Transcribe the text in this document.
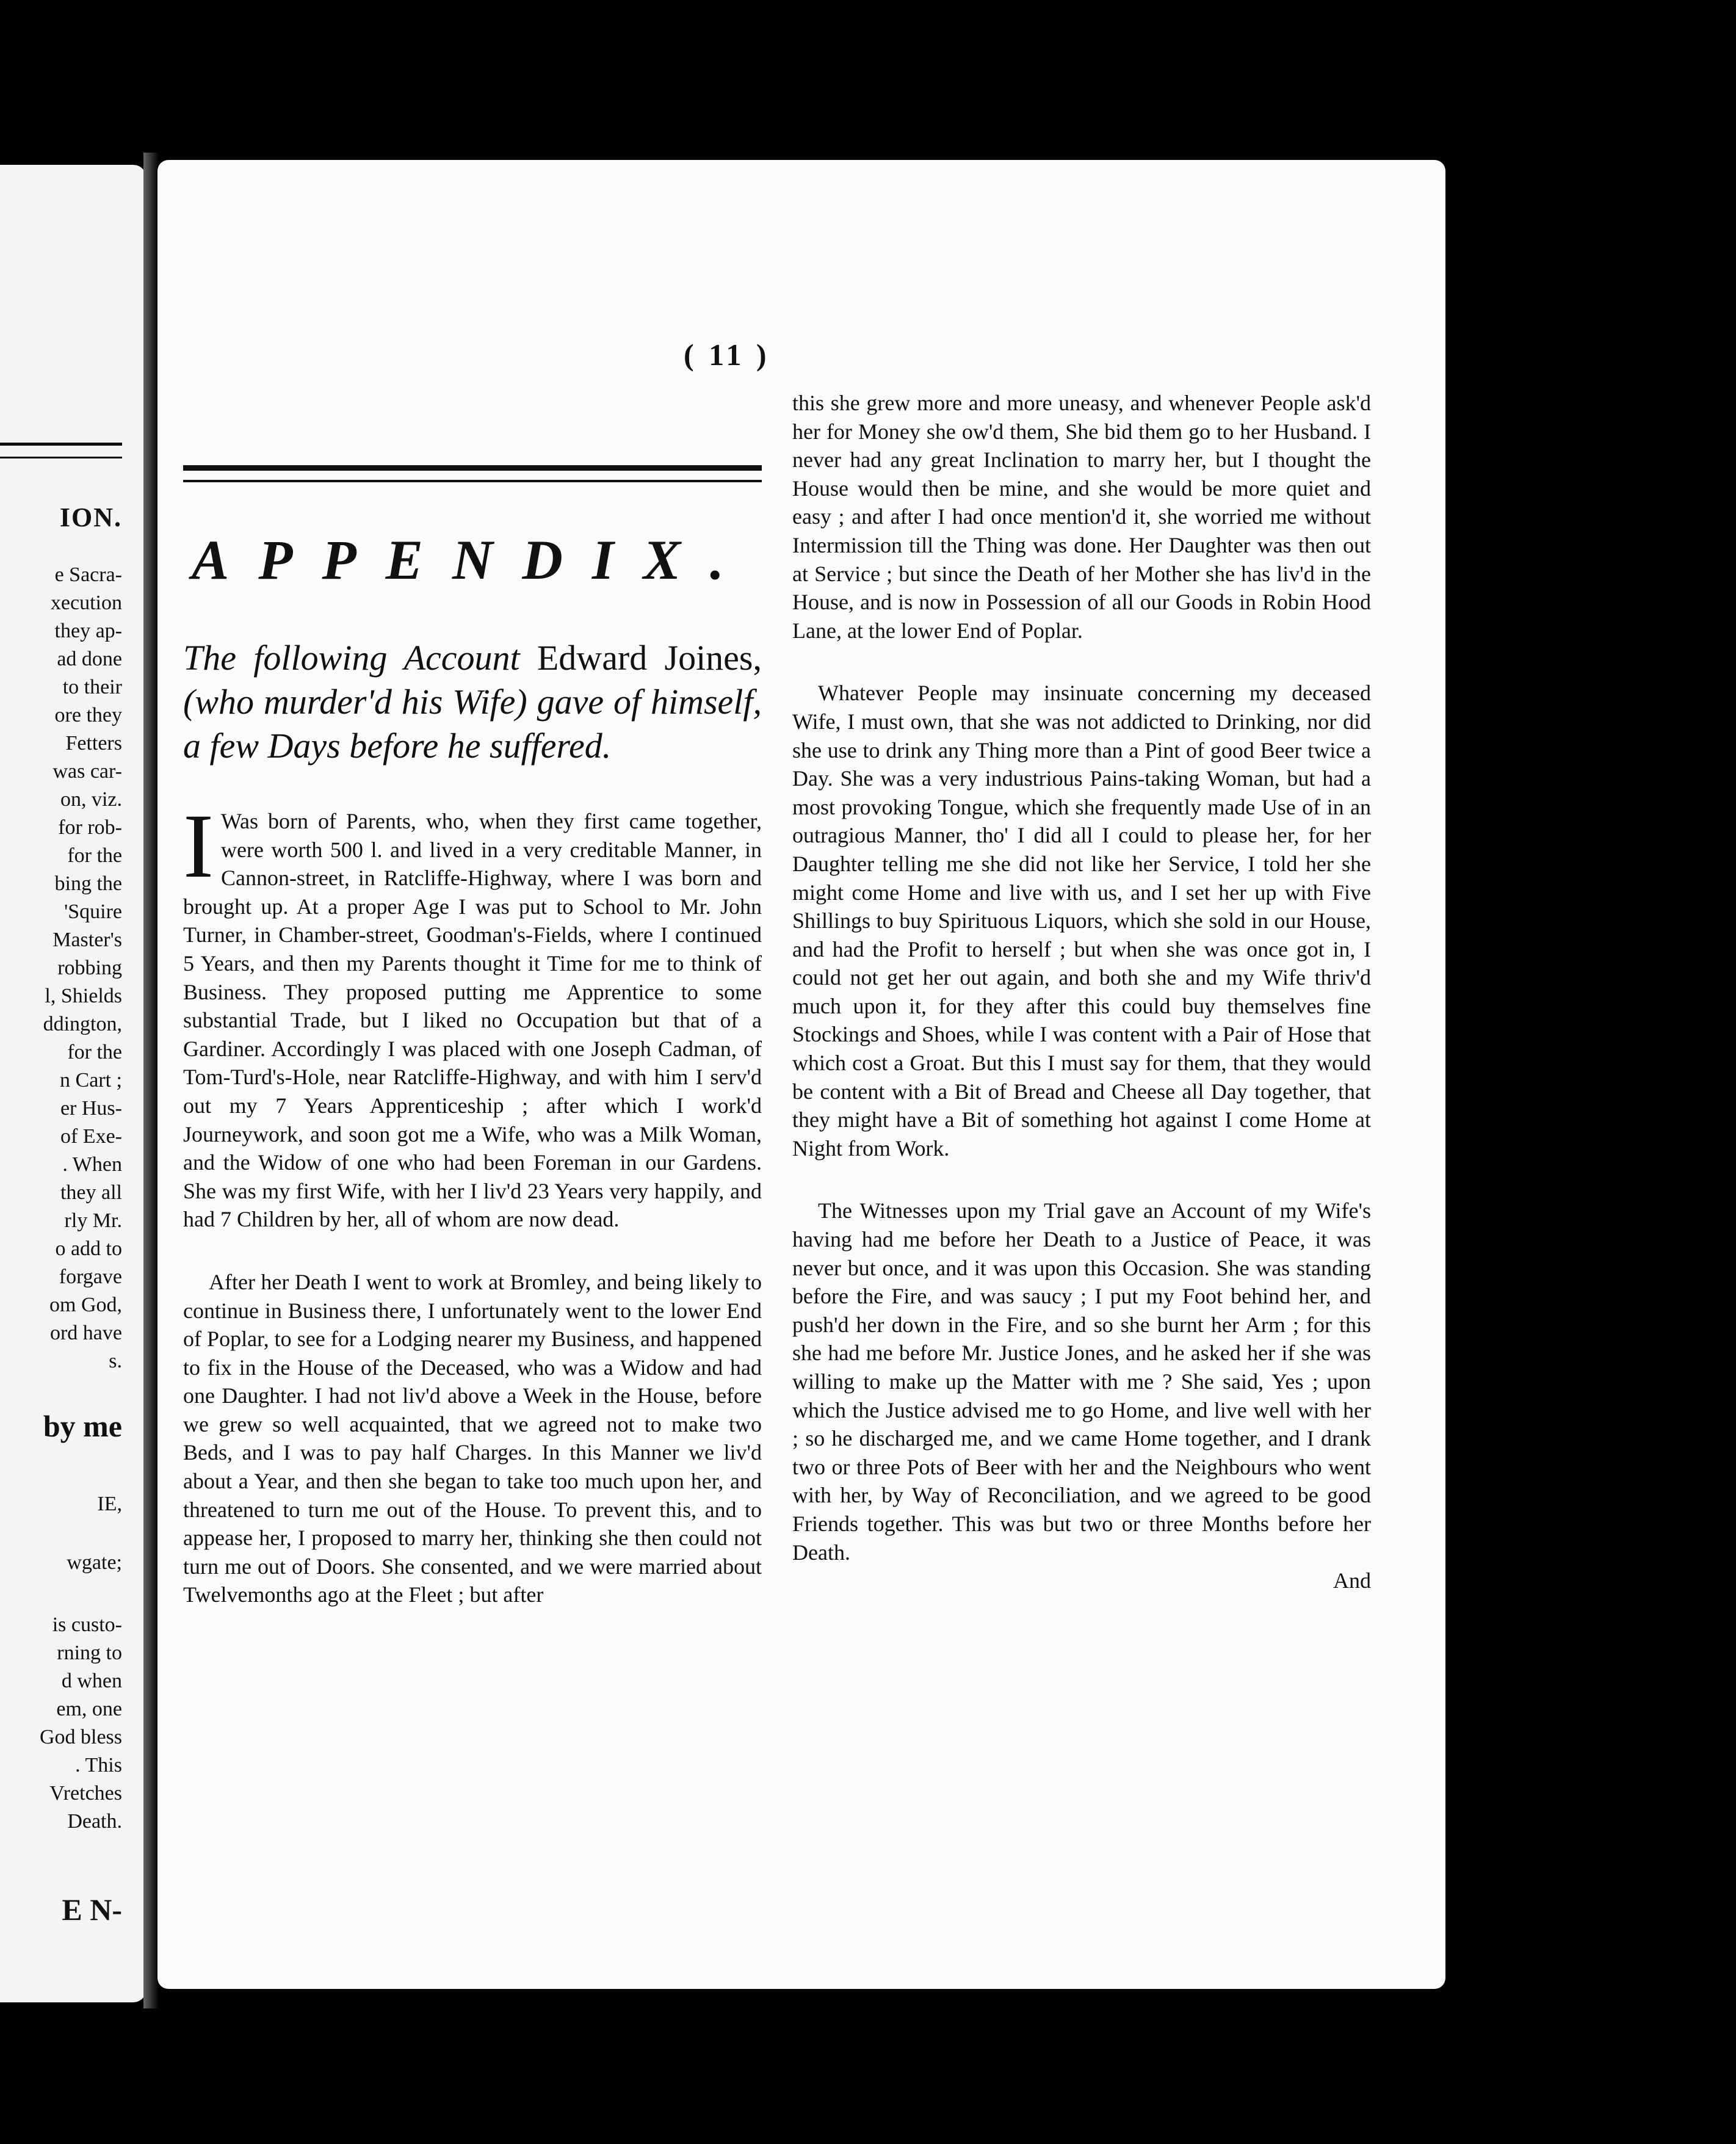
ION.
e Sacra-
xecution
they ap-
ad done
to their
ore they
Fetters
was car-
on, viz.
for rob-
for the
bing the
'Squire
Master's
robbing
l, Shields
ddington,
for the
n Cart ;
er Hus-
of Exe-
. When
they all
rly Mr.
o add to
forgave
om God,
ord have
s.
by me
IE,
wgate;
is custo-
rning to
d when
em, one
God bless
. This
Vretches
Death.
E N-
( 11 )
APPENDIX.
The following Account Edward Joines, (who murder'd his Wife) gave of himself, a few Days before he suffered.

IWas born of Parents, who, when they first came together, were worth 500 l. and lived in a very creditable Manner, in Cannon-street, in Ratcliffe-Highway, where I was born and brought up. At a proper Age I was put to School to Mr. John Turner, in Chamber-street, Goodman's-Fields, where I continued 5 Years, and then my Parents thought it Time for me to think of Business. They proposed putting me Apprentice to some substantial Trade, but I liked no Occupation but that of a Gardiner. Accordingly I was placed with one Joseph Cadman, of Tom-Turd's-Hole, near Ratcliffe-Highway, and with him I serv'd out my 7 Years Apprenticeship ; after which I work'd Journeywork, and soon got me a Wife, who was a Milk Woman, and the Widow of one who had been Foreman in our Gardens. She was my first Wife, with her I liv'd 23 Years very happily, and had 7 Children by her, all of whom are now dead.

After her Death I went to work at Bromley, and being likely to continue in Business there, I unfortunately went to the lower End of Poplar, to see for a Lodging nearer my Business, and happened to fix in the House of the Deceased, who was a Widow and had one Daughter. I had not liv'd above a Week in the House, before we grew so well acquainted, that we agreed not to make two Beds, and I was to pay half Charges. In this Manner we liv'd about a Year, and then she began to take too much upon her, and threatened to turn me out of the House. To prevent this, and to appease her, I proposed to marry her, thinking she then could not turn me out of Doors. She consented, and we were married about Twelvemonths ago at the Fleet ; but after

this she grew more and more uneasy, and whenever People ask'd her for Money she ow'd them, She bid them go to her Husband. I never had any great Inclination to marry her, but I thought the House would then be mine, and she would be more quiet and easy ; and after I had once mention'd it, she worried me without Intermission till the Thing was done. Her Daughter was then out at Service ; but since the Death of her Mother she has liv'd in the House, and is now in Possession of all our Goods in Robin Hood Lane, at the lower End of Poplar.

Whatever People may insinuate concerning my deceased Wife, I must own, that she was not addicted to Drinking, nor did she use to drink any Thing more than a Pint of good Beer twice a Day. She was a very industrious Pains-taking Woman, but had a most provoking Tongue, which she frequently made Use of in an outragious Manner, tho' I did all I could to please her, for her Daughter telling me she did not like her Service, I told her she might come Home and live with us, and I set her up with Five Shillings to buy Spirituous Liquors, which she sold in our House, and had the Profit to herself ; but when she was once got in, I could not get her out again, and both she and my Wife thriv'd much upon it, for they after this could buy themselves fine Stockings and Shoes, while I was content with a Pair of Hose that which cost a Groat. But this I must say for them, that they would be content with a Bit of Bread and Cheese all Day together, that they might have a Bit of something hot against I come Home at Night from Work.

The Witnesses upon my Trial gave an Account of my Wife's having had me before her Death to a Justice of Peace, it was never but once, and it was upon this Occasion. She was standing before the Fire, and was saucy ; I put my Foot behind her, and push'd her down in the Fire, and so she burnt her Arm ; for this she had me before Mr. Justice Jones, and he asked her if she was willing to make up the Matter with me ? She said, Yes ; upon which the Justice advised me to go Home, and live well with her ; so he discharged me, and we came Home together, and I drank two or three Pots of Beer with her and the Neighbours who went with her, by Way of Reconciliation, and we agreed to be good Friends together. This was but two or three Months before her Death.

And
